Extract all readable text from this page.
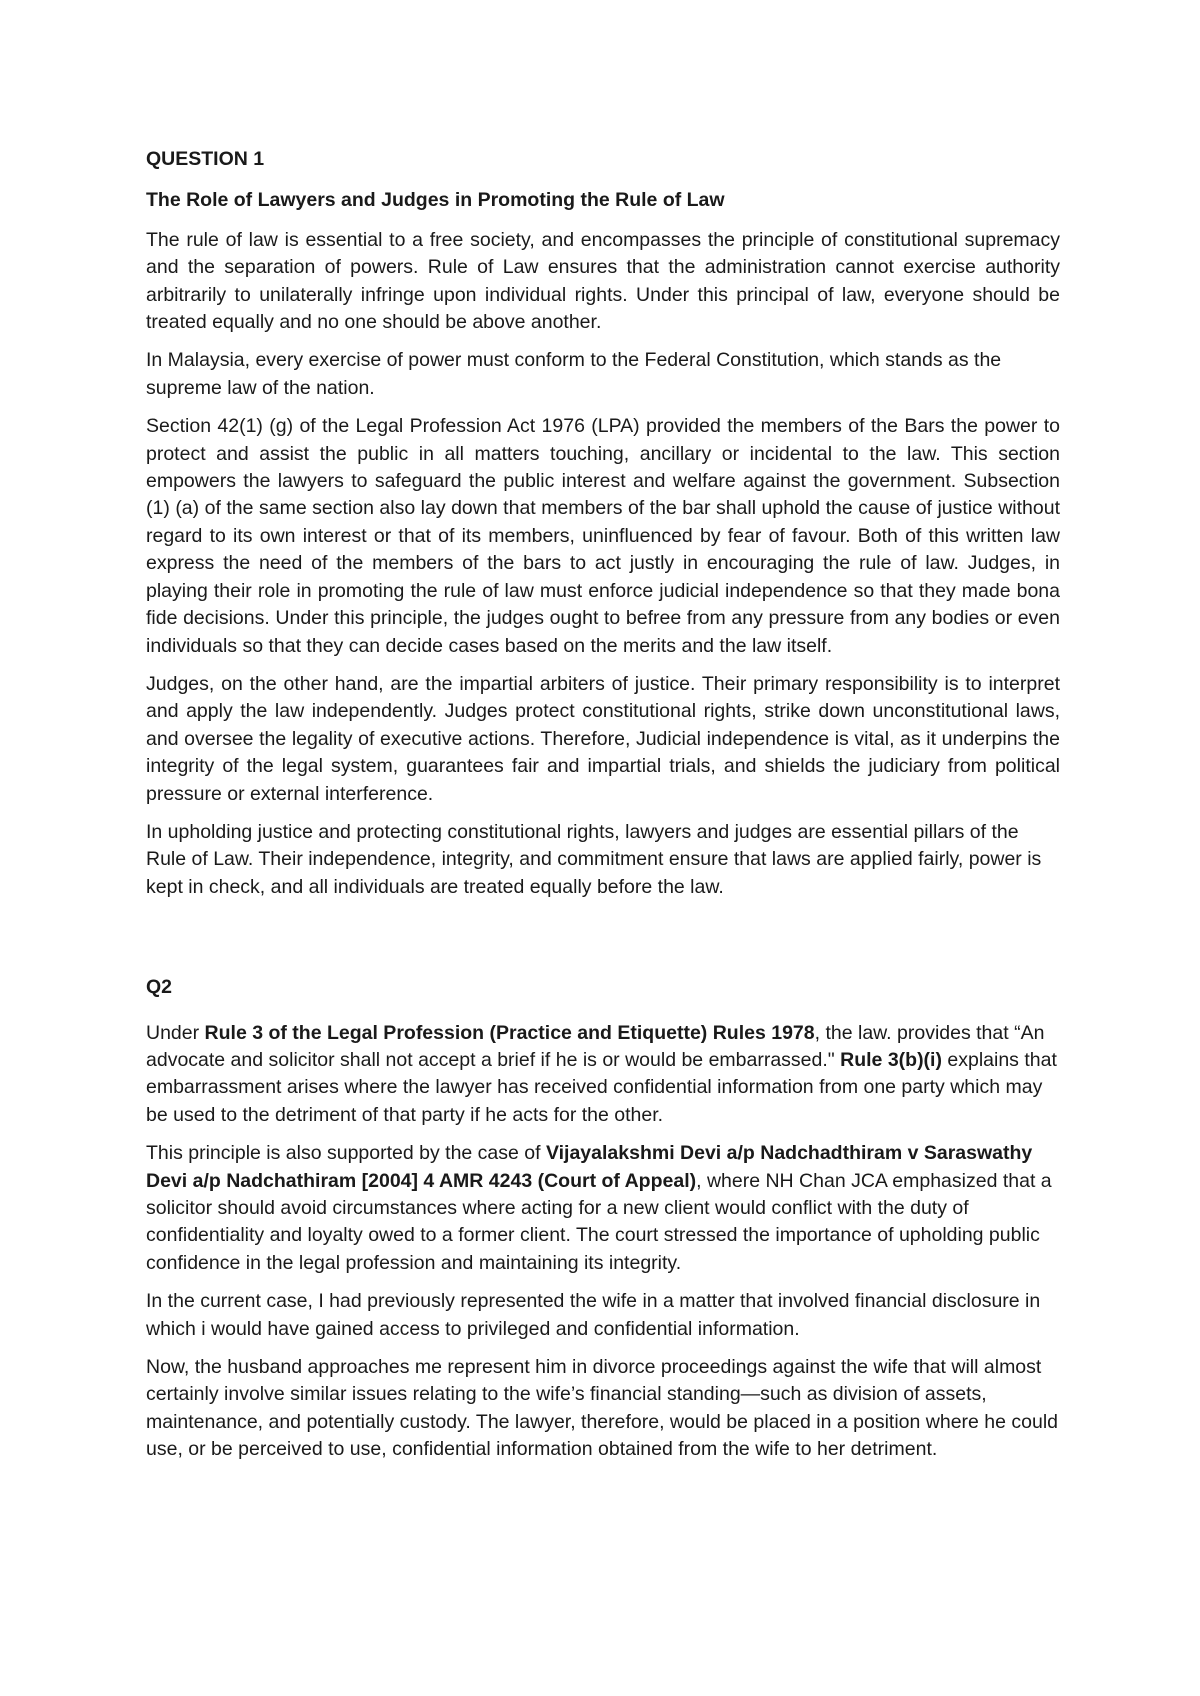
QUESTION 1
The Role of Lawyers and Judges in Promoting the Rule of Law

The rule of law is essential to a free society, and encompasses the principle of constitutional supremacy and the separation of powers. Rule of Law ensures that the administration cannot exercise authority arbitrarily to unilaterally infringe upon individual rights. Under this principal of law, everyone should be treated equally and no one should be above another.

In Malaysia, every exercise of power must conform to the Federal Constitution, which stands as the supreme law of the nation.

Section 42(1) (g) of the Legal Profession Act 1976 (LPA) provided the members of the Bars the power to protect and assist the public in all matters touching, ancillary or incidental to the law. This section empowers the lawyers to safeguard the public interest and welfare against the government. Subsection (1) (a) of the same section also lay down that members of the bar shall uphold the cause of justice without regard to its own interest or that of its members, uninfluenced by fear of favour. Both of this written law express the need of the members of the bars to act justly in encouraging the rule of law. Judges, in playing their role in promoting the rule of law must enforce judicial independence so that they made bona fide decisions. Under this principle, the judges ought to befree from any pressure from any bodies or even individuals so that they can decide cases based on the merits and the law itself.

Judges, on the other hand, are the impartial arbiters of justice. Their primary responsibility is to interpret and apply the law independently. Judges protect constitutional rights, strike down unconstitutional laws, and oversee the legality of executive actions. Therefore, Judicial independence is vital, as it underpins the integrity of the legal system, guarantees fair and impartial trials, and shields the judiciary from political pressure or external interference.

In upholding justice and protecting constitutional rights, lawyers and judges are essential pillars of the Rule of Law. Their independence, integrity, and commitment ensure that laws are applied fairly, power is kept in check, and all individuals are treated equally before the law.

Q2

Under Rule 3 of the Legal Profession (Practice and Etiquette) Rules 1978, the law. provides that “An advocate and solicitor shall not accept a brief if he is or would be embarrassed." Rule 3(b)(i) explains that embarrassment arises where the lawyer has received confidential information from one party which may be used to the detriment of that party if he acts for the other.

This principle is also supported by the case of Vijayalakshmi Devi a/p Nadchadthiram v Saraswathy Devi a/p Nadchathiram [2004] 4 AMR 4243 (Court of Appeal), where NH Chan JCA emphasized that a solicitor should avoid circumstances where acting for a new client would conflict with the duty of confidentiality and loyalty owed to a former client. The court stressed the importance of upholding public confidence in the legal profession and maintaining its integrity.

In the current case, I had previously represented the wife in a matter that involved financial disclosure in which i would have gained access to privileged and confidential information.

Now, the husband approaches me represent him in divorce proceedings against the wife that will almost certainly involve similar issues relating to the wife’s financial standing—such as division of assets, maintenance, and potentially custody. The lawyer, therefore, would be placed in a position where he could use, or be perceived to use, confidential information obtained from the wife to her detriment.
